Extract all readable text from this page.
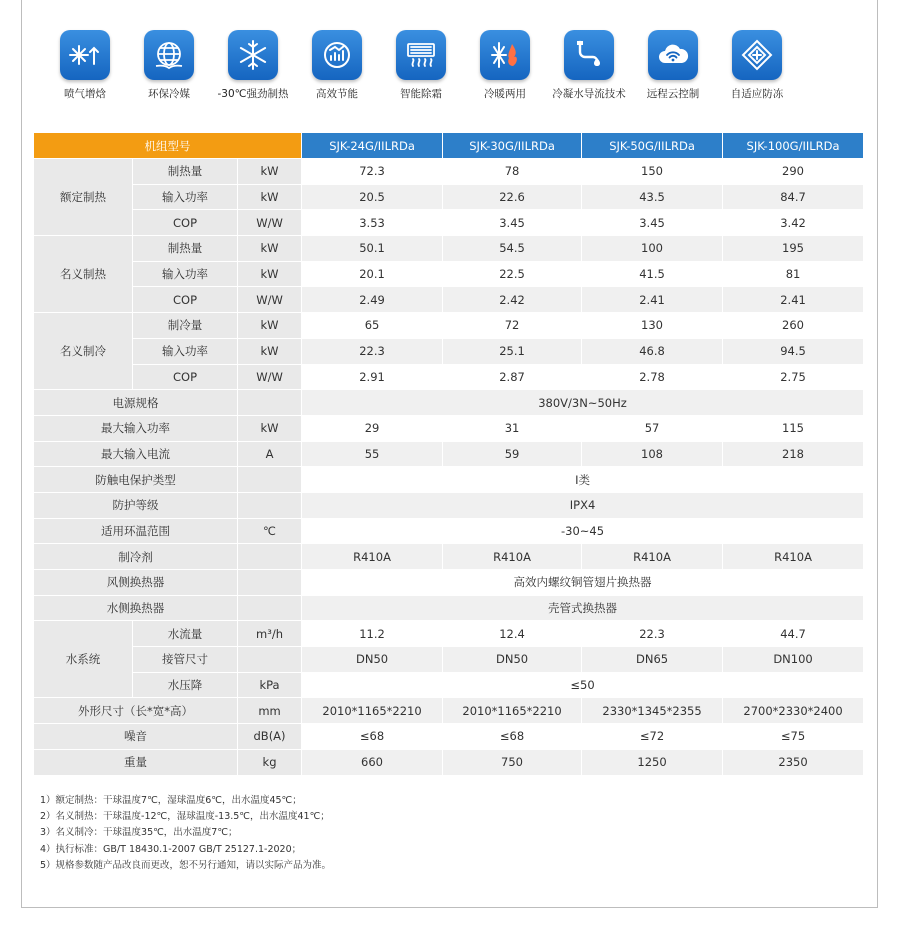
喷气增焓	环保冷媒	-30℃强劲制热	高效节能	智能除霜	冷暖两用	冷凝水导流技术	远程云控制	自适应防冻
机组型号			SJK-24G/IILRDa	SJK-30G/IILRDa	SJK-50G/IILRDa	SJK-100G/IILRDa
额定制热	制热量	kW	72.3	78	150	290
	输入功率	kW	20.5	22.6	43.5	84.7
	COP	W/W	3.53	3.45	3.45	3.42
名义制热	制热量	kW	50.1	54.5	100	195
	输入功率	kW	20.1	22.5	41.5	81
	COP	W/W	2.49	2.42	2.41	2.41
名义制冷	制冷量	kW	65	72	130	260
	输入功率	kW	22.3	25.1	46.8	94.5
	COP	W/W	2.91	2.87	2.78	2.75
电源规格			380V/3N~50Hz			
最大输入功率		kW	29	31	57	115
最大输入电流		A	55	59	108	218
防触电保护类型			I类			
防护等级			IPX4			
适用环温范围		℃	-30~45			
制冷剂			R410A	R410A	R410A	R410A
风侧换热器			高效内螺纹铜管翅片换热器			
水侧换热器			壳管式换热器			
水系统	水流量	m³/h	11.2	12.4	22.3	44.7
	接管尺寸		DN50	DN50	DN65	DN100
	水压降	kPa	≤50			
外形尺寸（长*宽*高）		mm	2010*1165*2210	2010*1165*2210	2330*1345*2355	2700*2330*2400
噪音		dB(A)	≤68	≤68	≤72	≤75
重量		kg	660	750	1250	2350
1）额定制热：干球温度7℃，湿球温度6℃，出水温度45℃；
2）名义制热：干球温度-12℃，湿球温度-13.5℃，出水温度41℃；
3）名义制冷：干球温度35℃，出水温度7℃；
4）执行标准：GB/T 18430.1-2007 GB/T 25127.1-2020；
5）规格参数随产品改良而更改，恕不另行通知，请以实际产品为准。
